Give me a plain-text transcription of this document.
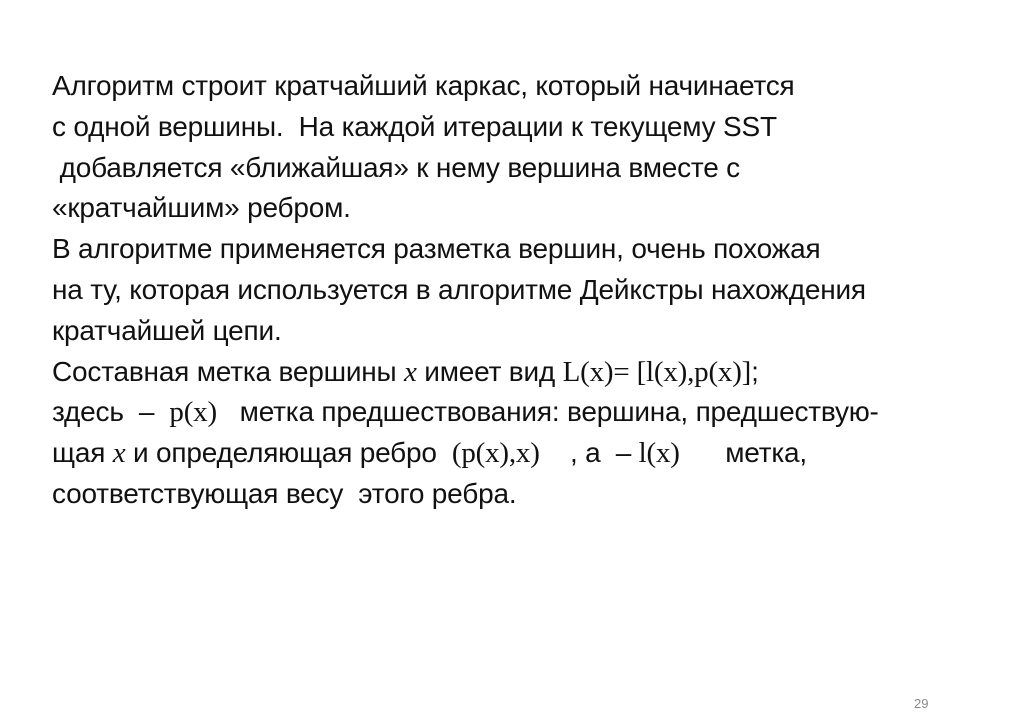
Алгоритм строит кратчайший каркас, который начинается
с одной вершины.  На каждой итерации к текущему SST
добавляется «ближайшая» к нему вершина вместе с
«кратчайшим» ребром.
В алгоритме применяется разметка вершин, очень похожая
на ту, которая используется в алгоритме Дейкстры нахождения
кратчайшей цепи.
Составная метка вершины x имеет вид L(x)= [l(x),p(x)];
здесь  –  p(x)   метка предшествования: вершина, предшествую-
щая x и определяющая ребро  (p(x),x)    , а  – l(x)      метка,
соответствующая весу  этого ребра.
29
